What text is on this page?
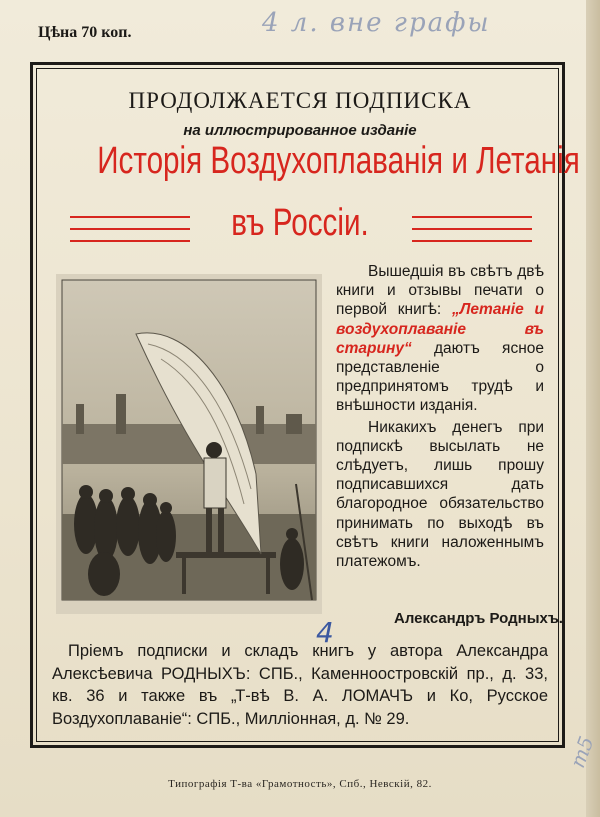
Цѣна 70 коп.	4 л. вне графы
ПРОДОЛЖАЕТСЯ ПОДПИСКА
на иллюстрированное изданіе
Исторія Воздухоплаванія и Летанія
въ Россіи.

Вышедшія въ свѣтъ двѣ книги и отзывы печати о первой книгѣ: „Летаніе и воздухоплаваніе въ старину“ даютъ ясное представленіе о предпринятомъ трудѣ и внѣшности изданія.

Никакихъ денегъ при подпискѣ высылать не слѣдуетъ, лишь прошу подписавшихся дать благородное обязательство принимать по выходѣ въ свѣтъ книги наложеннымъ платежомъ.

Александръ Родныхъ.
4
Пріемъ подписки и складъ книгъ у автора Александра Алексѣевича РОДНЫХЪ: СПБ., Каменноостровскій пр., д. 33, кв. 36 и также въ „Т-вѣ В. А. ЛОМАЧЪ и Ко, Русское Воздухоплаваніе“: СПБ., Милліонная, д. № 29.
Типографія Т-ва «Грамотность», Спб., Невскій, 82.
m5
